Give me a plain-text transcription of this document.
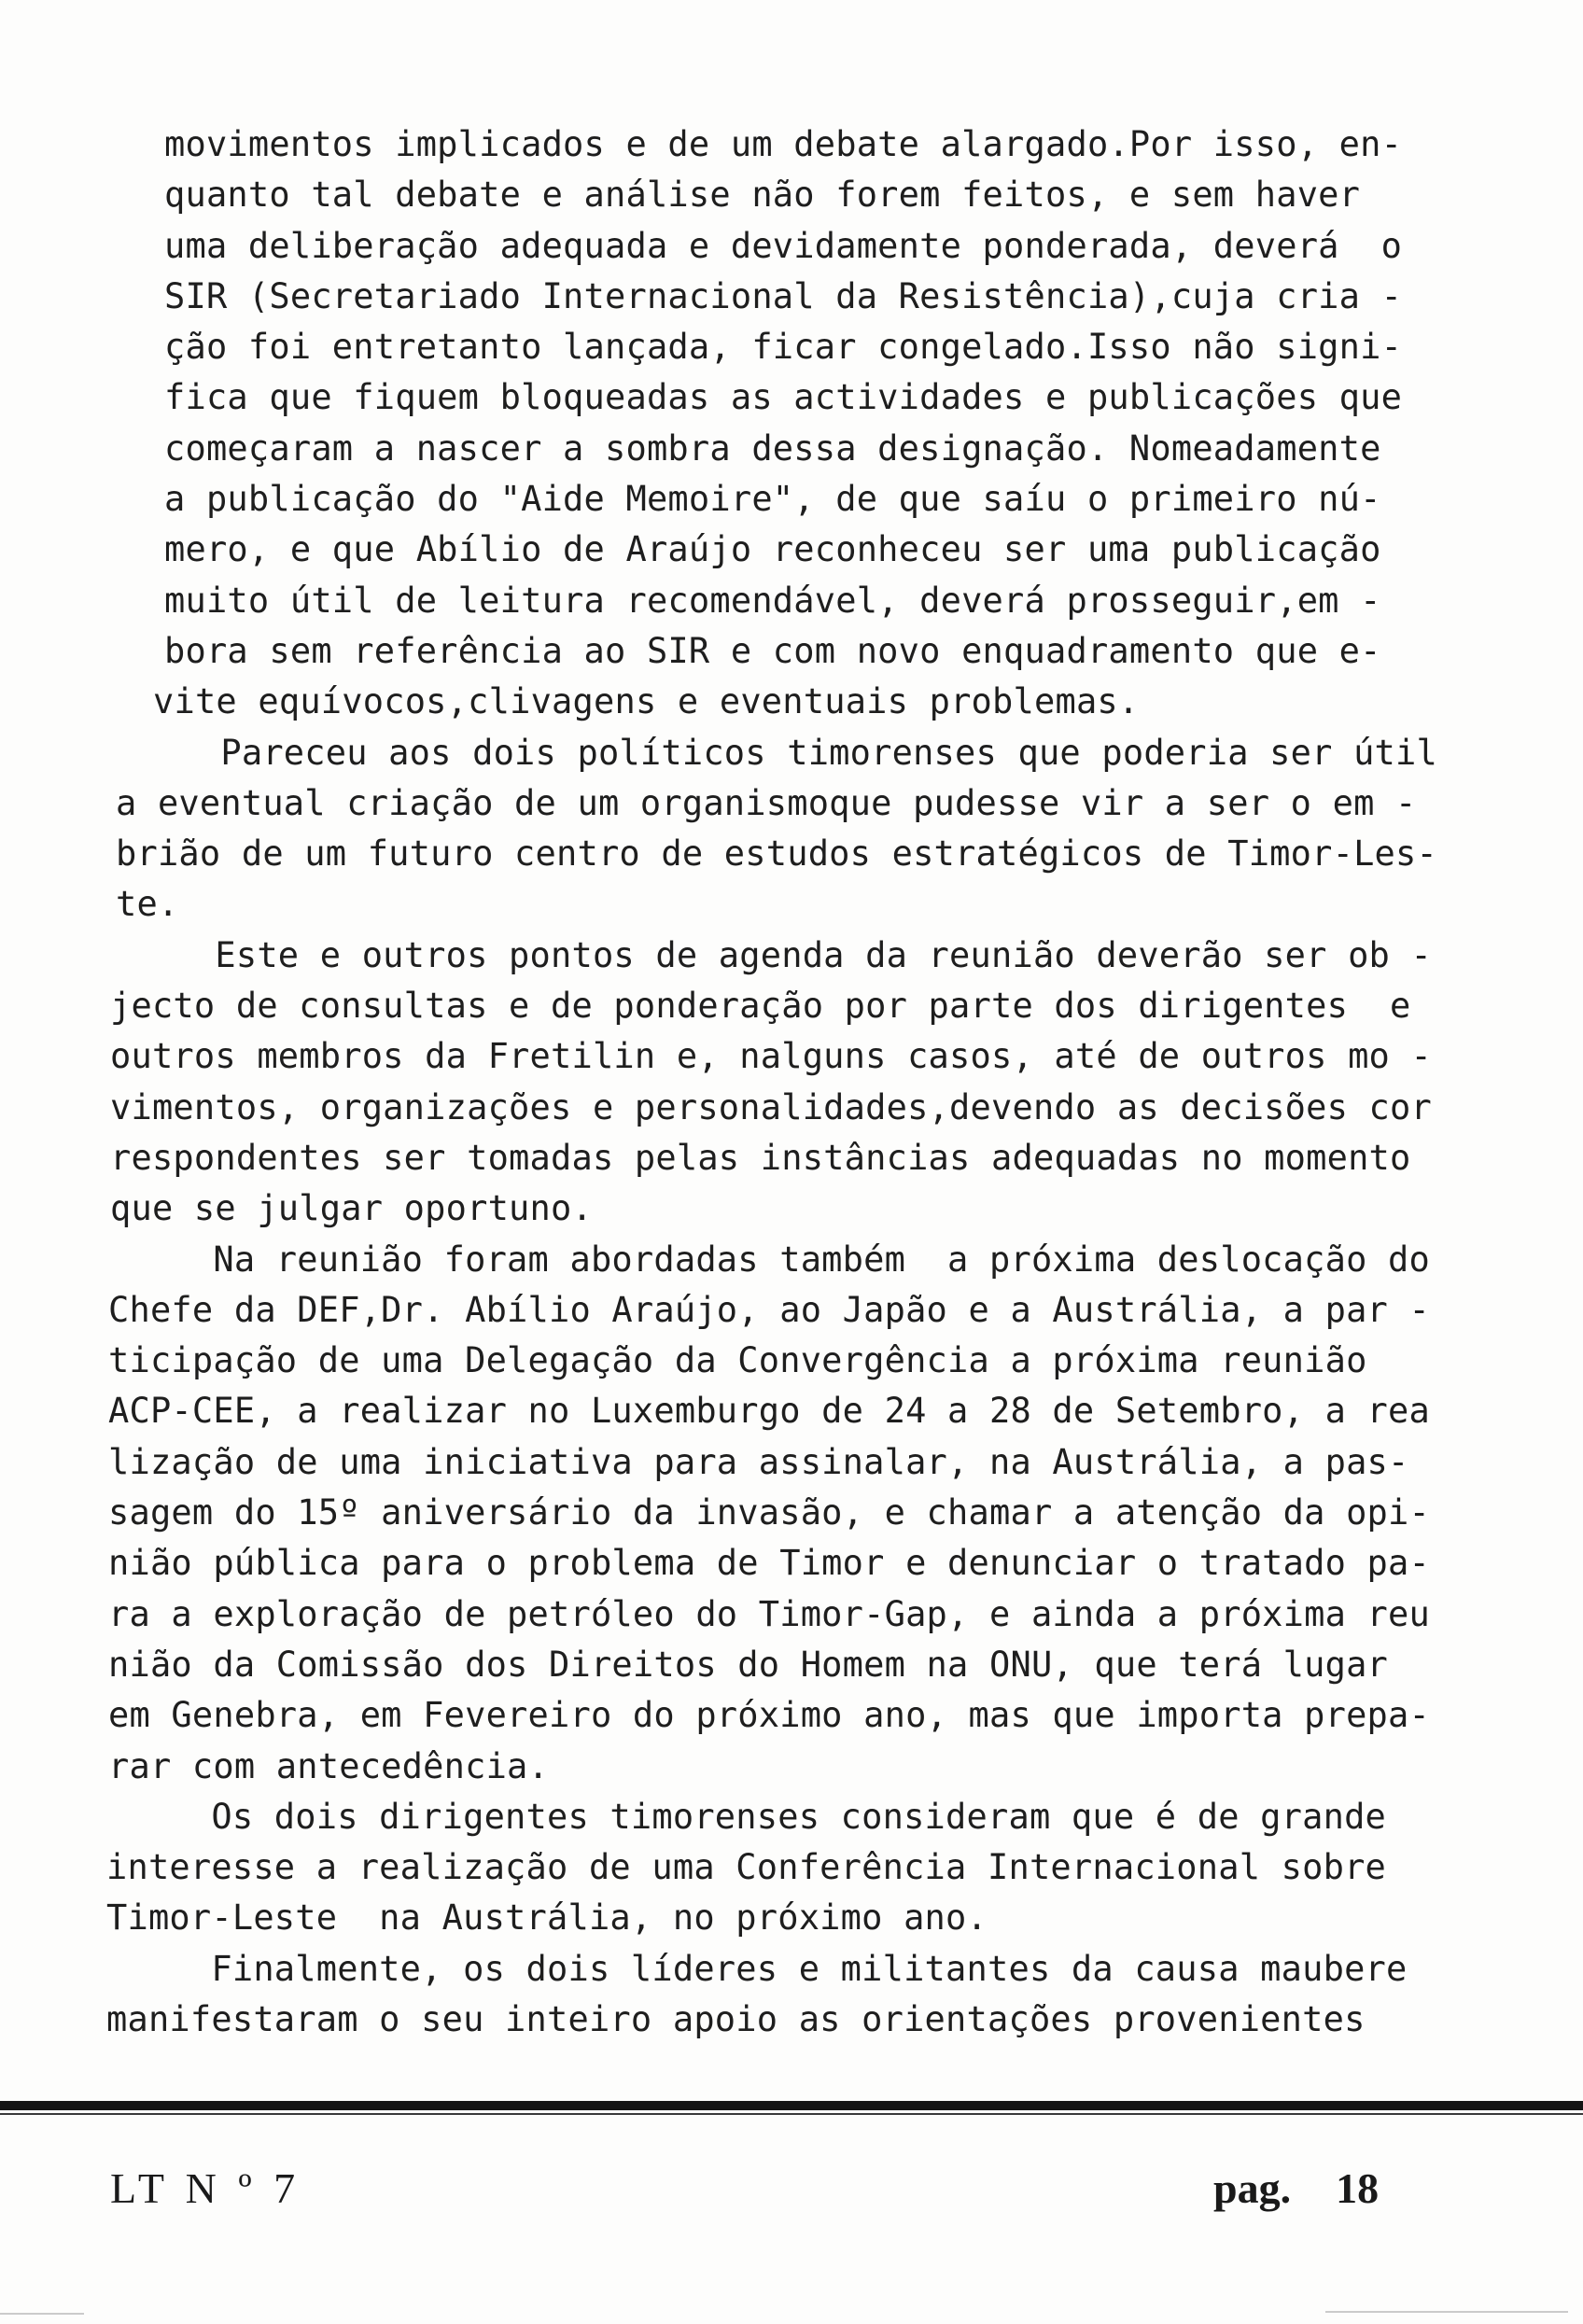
movimentos implicados e de um debate alargado.Por isso, en-
quanto tal debate e análise não forem feitos, e sem haver
uma deliberação adequada e devidamente ponderada, deverá  o
SIR (Secretariado Internacional da Resistência),cuja cria -
ção foi entretanto lançada, ficar congelado.Isso não signi-
fica que fiquem bloqueadas as actividades e publicações que
começaram a nascer a sombra dessa designação. Nomeadamente
a publicação do "Aide Memoire", de que saíu o primeiro nú-
mero, e que Abílio de Araújo reconheceu ser uma publicação
muito útil de leitura recomendável, deverá prosseguir,em -
bora sem referência ao SIR e com novo enquadramento que e-
vite equívocos,clivagens e eventuais problemas.
Pareceu aos dois políticos timorenses que poderia ser útil
a eventual criação de um organismoque pudesse vir a ser o em -
brião de um futuro centro de estudos estratégicos de Timor-Les-
te.
Este e outros pontos de agenda da reunião deverão ser ob -
jecto de consultas e de ponderação por parte dos dirigentes  e
outros membros da Fretilin e, nalguns casos, até de outros mo -
vimentos, organizações e personalidades,devendo as decisões cor
respondentes ser tomadas pelas instâncias adequadas no momento
que se julgar oportuno.
Na reunião foram abordadas também  a próxima deslocação do
Chefe da DEF,Dr. Abílio Araújo, ao Japão e a Austrália, a par -
ticipação de uma Delegação da Convergência a próxima reunião
ACP-CEE, a realizar no Luxemburgo de 24 a 28 de Setembro, a rea
lização de uma iniciativa para assinalar, na Austrália, a pas-
sagem do 15º aniversário da invasão, e chamar a atenção da opi-
nião pública para o problema de Timor e denunciar o tratado pa-
ra a exploração de petróleo do Timor-Gap, e ainda a próxima reu
nião da Comissão dos Direitos do Homem na ONU, que terá lugar
em Genebra, em Fevereiro do próximo ano, mas que importa prepa-
rar com antecedência.
Os dois dirigentes timorenses consideram que é de grande
interesse a realização de uma Conferência Internacional sobre
Timor-Leste  na Austrália, no próximo ano.
Finalmente, os dois líderes e militantes da causa maubere
manifestaram o seu inteiro apoio as orientações provenientes
LT N º 7	pag. 18
